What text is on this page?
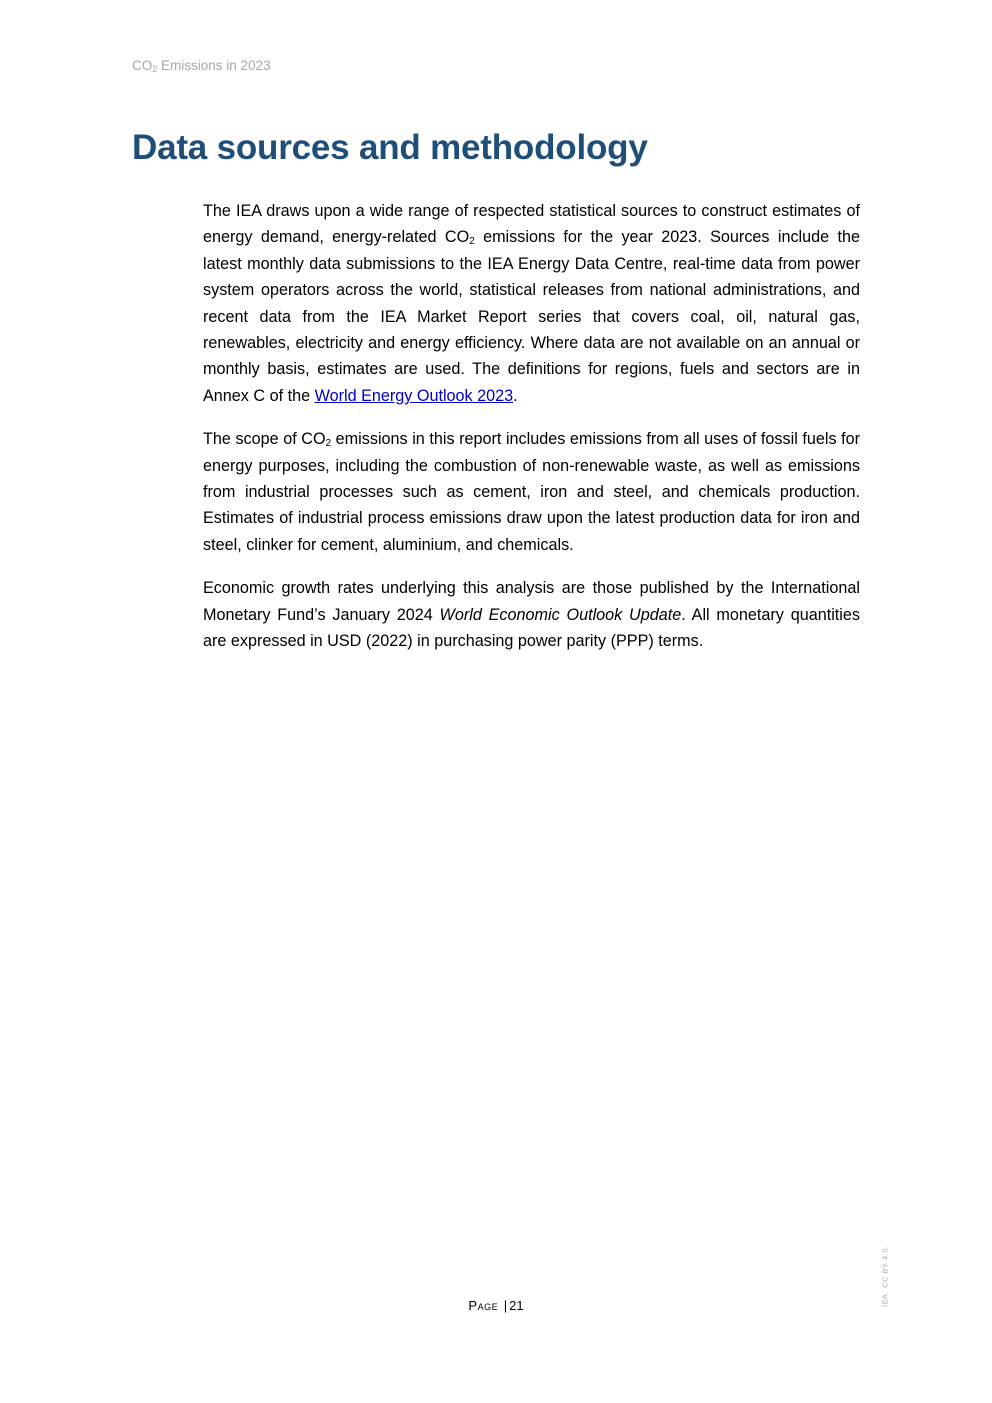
$CO_2$ Emissions in 2023
Data sources and methodology

The IEA draws upon a wide range of respected statistical sources to construct estimates of energy demand, energy-related $CO_2$ emissions for the year 2023. Sources include the latest monthly data submissions to the IEA Energy Data Centre, real-time data from power system operators across the world, statistical releases from national administrations, and recent data from the IEA Market Report series that covers coal, oil, natural gas, renewables, electricity and energy efficiency. Where data are not available on an annual or monthly basis, estimates are used. The definitions for regions, fuels and sectors are in Annex C of the World Energy Outlook 2023.

The scope of $CO_2$ emissions in this report includes emissions from all uses of fossil fuels for energy purposes, including the combustion of non-renewable waste, as well as emissions from industrial processes such as cement, iron and steel, and chemicals production. Estimates of industrial process emissions draw upon the latest production data for iron and steel, clinker for cement, aluminium, and chemicals.

Economic growth rates underlying this analysis are those published by the International Monetary Fund’s January 2024 World Economic Outlook Update. All monetary quantities are expressed in USD (2022) in purchasing power parity (PPP) terms.

Page | 21	IEA. CC BY 4.0.
